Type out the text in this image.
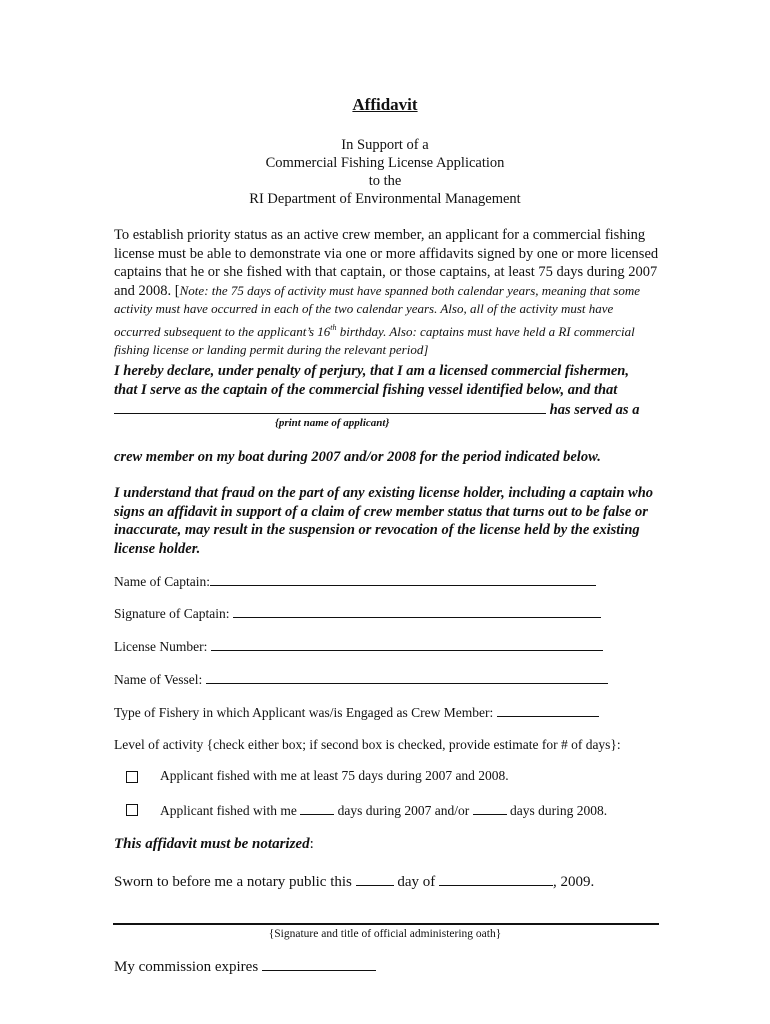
Affidavit
In Support of a
Commercial Fishing License Application
to the
RI Department of Environmental Management
To establish priority status as an active crew member, an applicant for a commercial fishing license must be able to demonstrate via one or more affidavits signed by one or more licensed captains that he or she fished with that captain, or those captains, at least 75 days during 2007 and 2008. [Note: the 75 days of activity must have spanned both calendar years, meaning that some activity must have occurred in each of the two calendar years. Also, all of the activity must have occurred subsequent to the applicant’s 16th birthday. Also: captains must have held a RI commercial fishing license or landing permit during the relevant period]
I hereby declare, under penalty of perjury, that I am a licensed commercial fishermen,
that I serve as the captain of the commercial fishing vessel identified below, and that
has served as a
{print name of applicant}
crew member on my boat during 2007 and/or 2008 for the period indicated below.
I understand that fraud on the part of any existing license holder, including a captain who signs an affidavit in support of a claim of crew member status that turns out to be false or inaccurate, may result in the suspension or revocation of the license held by the existing license holder.
Name of Captain:
Signature of Captain:
License Number:
Name of Vessel:
Type of Fishery in which Applicant was/is Engaged as Crew Member:
Level of activity {check either box; if second box is checked, provide estimate for # of days}:
Applicant fished with me at least 75 days during 2007 and 2008.
Applicant fished with me	days during 2007 and/or	days during 2008.
This affidavit must be notarized:
Sworn to before me a notary public this	day of	, 2009.
{Signature and title of official administering oath}
My commission expires
